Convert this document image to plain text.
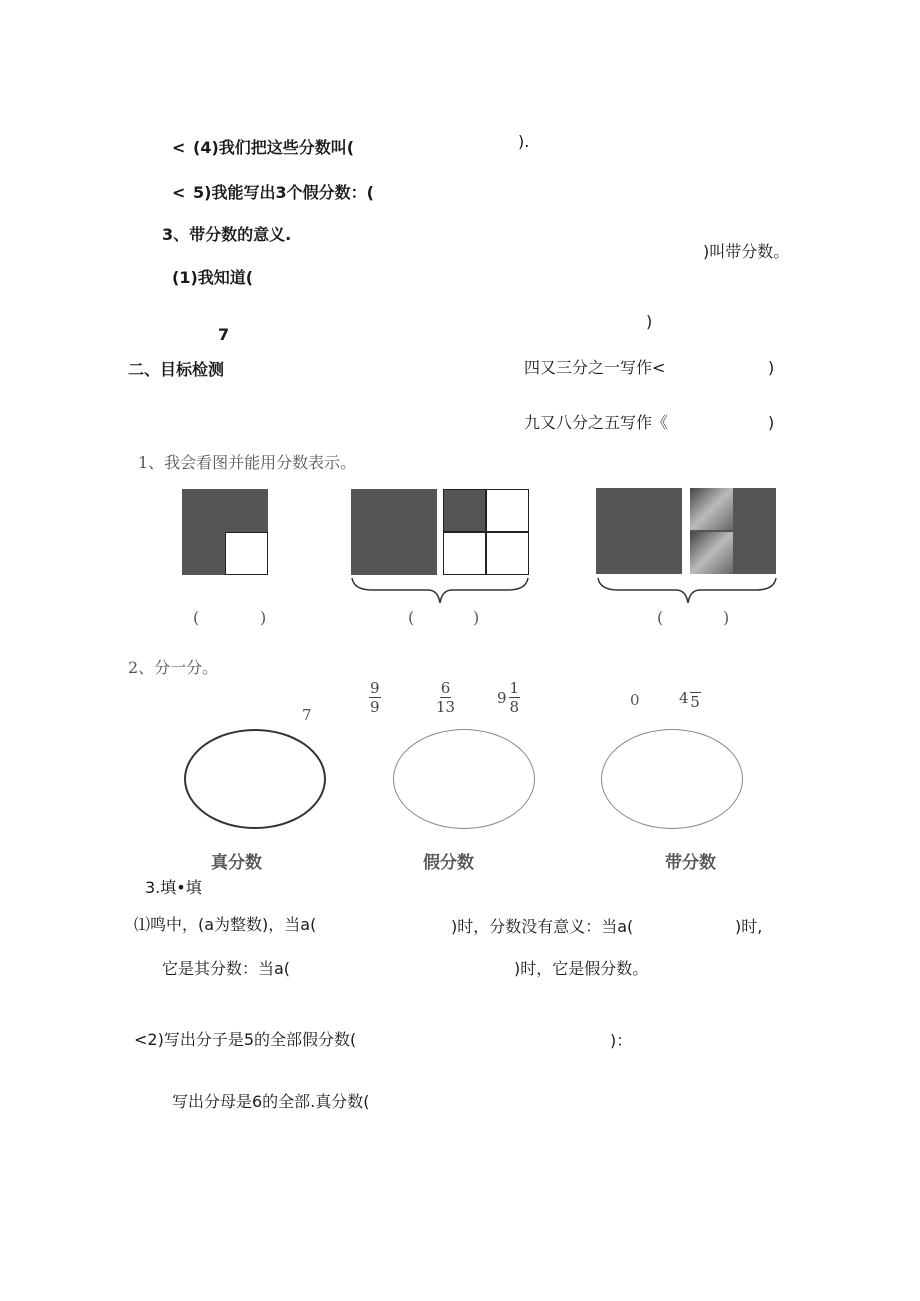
< (4)我们把这些分数叫(	).
< 5)我能写出3个假分数：(
3、带分数的意义.
)叫带分数。
(1)我知道(
)
7
二、目标检测	四又三分之一写作<	)
九又八分之五写作《	)
1、我会看图并能用分数表示。
(	)	(	)	(	)
2、分一分。
7	$\frac{9}{9}$	$\frac{6}{13}$	$9 \frac{1}{8}$	0	4 5
真分数	假分数	带分数
3.填•填
⑴鸣中，(a为整数)，当a(	)时，分数没有意义：当a(	)时,
它是其分数：当a(	)时，它是假分数。
<2)写出分子是5的全部假分数(	)：
写出分母是6的全部.真分数(
